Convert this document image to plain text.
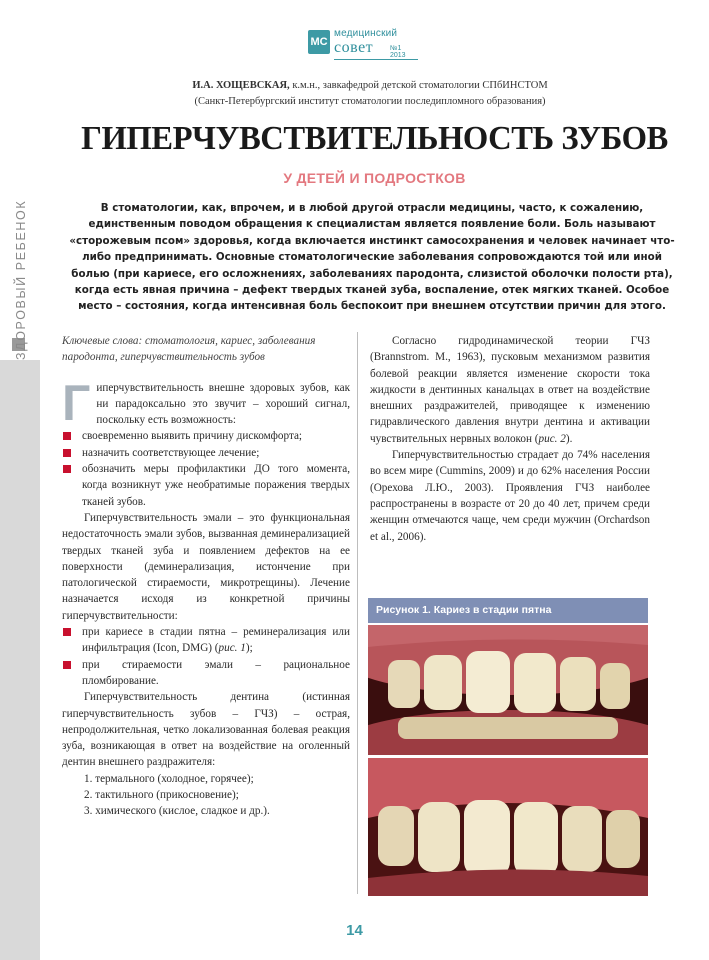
МС
медицинский
совет №1 2013
И.А. ХОЩЕВСКАЯ, к.м.н., завкафедрой детской стоматологии СПбИНСТОМ
(Санкт-Петербургский институт стоматологии последипломного образования)
ЗДОРОВЫЙ РЕБЕНОК
ГИПЕРЧУВСТВИТЕЛЬНОСТЬ ЗУБОВ
У ДЕТЕЙ И ПОДРОСТКОВ
В стоматологии, как, впрочем, и в любой другой отрасли медицины, часто, к сожалению, единственным поводом обращения к специалистам является появление боли. Боль называют «сторожевым псом» здоровья, когда включается инстинкт самосохранения и человек начинает что-либо предпринимать. Основные стоматологические заболевания сопровождаются той или иной болью (при кариесе, его осложнениях, заболеваниях пародонта, слизистой оболочки полости рта), когда есть явная причина – дефект твердых тканей зуба, воспаление, отек мягких тканей. Особое место – состояния, когда интенсивная боль беспокоит при внешнем отсутствии причин для этого.
Ключевые слова: стоматология, кариес, заболевания пародонта, гиперчувствительность зубов
Гиперчувствительность внешне здоровых зубов, как ни парадоксально это звучит – хороший сигнал, поскольку есть возможность:
своевременно выявить причину дискомфорта;
назначить соответствующее лечение;
обозначить меры профилактики ДО того момента, когда возникнут уже необратимые поражения твердых тканей зубов.
Гиперчувствительность эмали – это функциональная недостаточность эмали зубов, вызванная деминерализацией твердых тканей зуба и появлением дефектов на ее поверхности (деминерализация, истончение при патологической стираемости, микротрещины). Лечение назначается исходя из конкретной причины гиперчувствительности:
при кариесе в стадии пятна – реминерализация или инфильтрация (Icon, DMG) (рис. 1);
при стираемости эмали – рациональное пломбирование.
Гиперчувствительность дентина (истинная гиперчувствительность зубов – ГЧЗ) – острая, непродолжительная, четко локализованная болевая реакция зуба, возникающая в ответ на воздействие на оголенный дентин внешнего раздражителя:
1. термального (холодное, горячее);
2. тактильного (прикосновение);
3. химического (кислое, сладкое и др.).
Согласно гидродинамической теории ГЧЗ (Brannstrom. M., 1963), пусковым механизмом развития болевой реакции является изменение скорости тока жидкости в дентинных канальцах в ответ на воздействие внешних раздражителей, приводящее к изменению гидравлического давления внутри дентина и активации чувствительных нервных волокон (рис. 2).
Гиперчувствительностью страдает до 74% населения во всем мире (Cummins, 2009) и до 62% населения России (Орехова Л.Ю., 2003). Проявления ГЧЗ наиболее распространены в возрасте от 20 до 40 лет, причем среди женщин отмечаются чаще, чем среди мужчин (Orchardson et al., 2006).
Рисунок 1. Кариез в стадии пятна
14
